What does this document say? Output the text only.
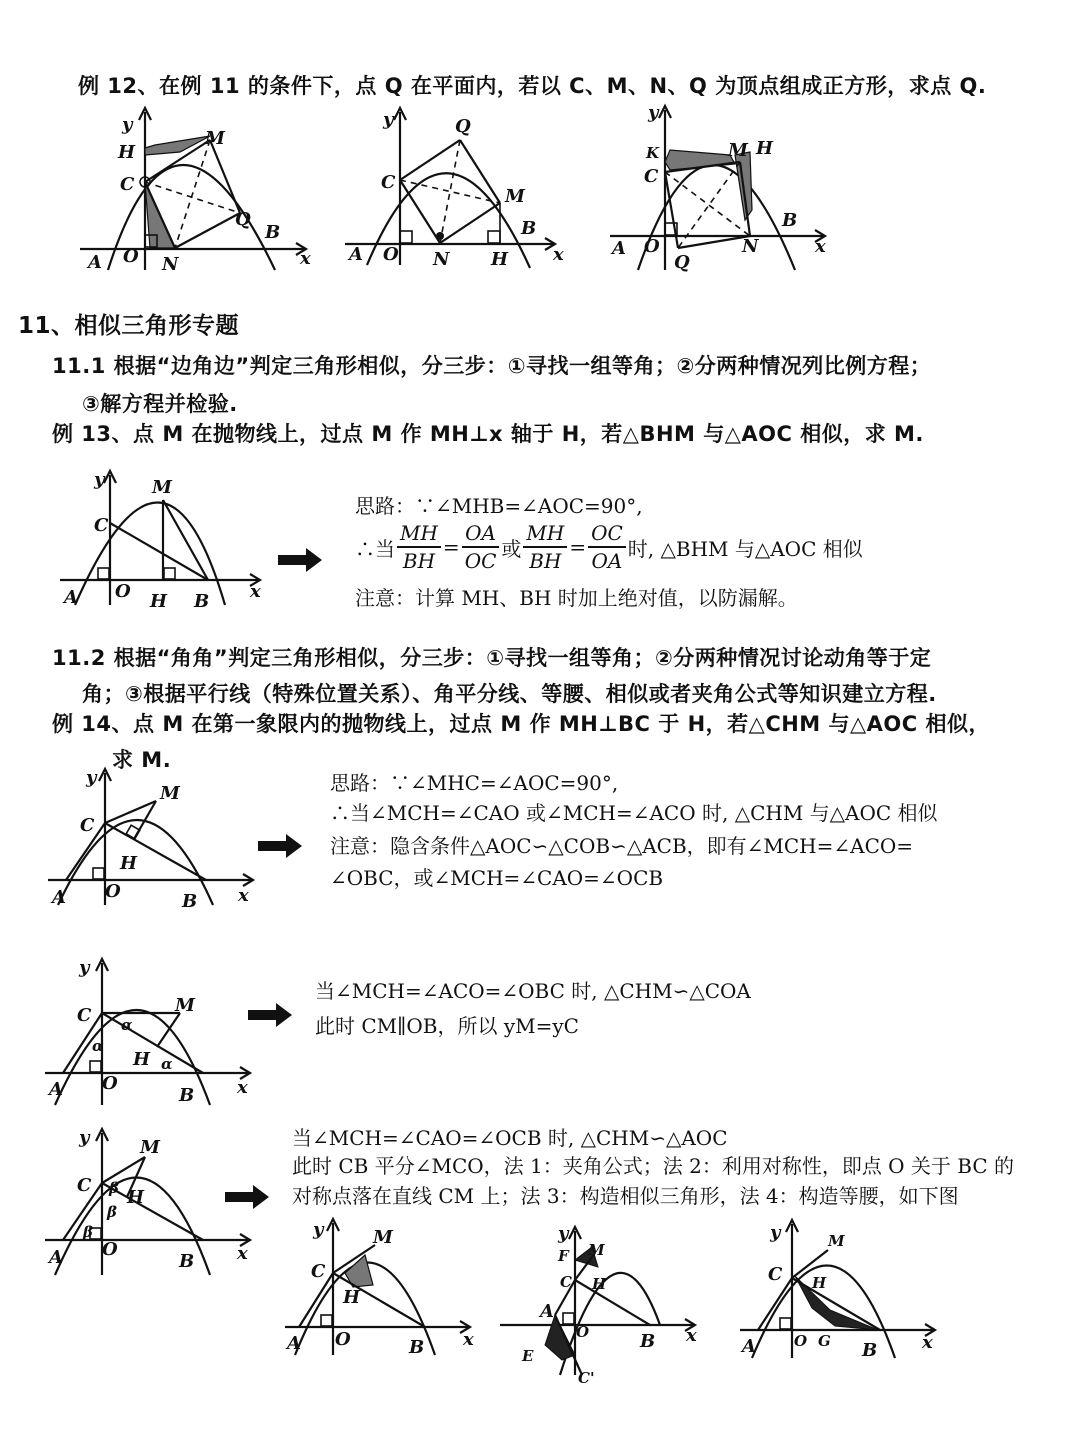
例 12、在例 11 的条件下，点 Q 在平面内，若以 C、M、N、Q 为顶点组成正方形，求点 Q.
y
H
C
M
Q
B
x
A O N
y	Q
C
M
B
x
A O N H
y
K
C
M H
B
x
A O	N
Q
11、相似三角形专题
11.1 根据“边角边”判定三角形相似，分三步：①寻找一组等角；②分两种情况列比例方程；
③解方程并检验.
例 13、点 M 在抛物线上，过点 M 作 MH⊥x 轴于 H，若△BHM 与△AOC 相似，求 M.
y	M
C
A O H B x
思路：∵∠MHB=∠AOC=90°,
∴当 $\frac{MH}{BH} = \frac{OA}{OC}$ 或 $\frac{MH}{BH} = \frac{OC}{OA}$ 时, △BHM 与△AOC 相似
注意：计算 MH、BH 时加上绝对值，以防漏解。
11.2 根据“角角”判定三角形相似，分三步：①寻找一组等角；②分两种情况讨论动角等于定
角；③根据平行线（特殊位置关系）、角平分线、等腰、相似或者夹角公式等知识建立方程.
例 14、点 M 在第一象限内的抛物线上，过点 M 作 MH⊥BC 于 H，若△CHM 与△AOC 相似，
求 M.
y
M
C
H
A O	B x
思路：∵∠MHC=∠AOC=90°,
∴当∠MCH=∠CAO 或∠MCH=∠ACO 时, △CHM 与△AOC 相似
注意：隐含条件△AOC∽△COB∽△ACB，即有∠MCH=∠ACO=
∠OBC，或∠MCH=∠CAO=∠OCB
y
M
C α
α
H α
A O
B x
当∠MCH=∠ACO=∠OBC 时, △CHM∽△COA
此时 CM∥OB，所以 yM=yC
y	M
C β H
β
β
A O
B x
当∠MCH=∠CAO=∠OCB 时, △CHM∽△AOC
此时 CB 平分∠MCO，法 1：夹角公式；法 2：利用对称性，即点 O 关于 BC 的
对称点落在直线 CM 上；法 3：构造相似三角形，法 4：构造等腰，如下图
y	M
C
H
A O	B x
y
F M
C H
A
O	B x
E
C'
y	M
C H
A	O G B x
